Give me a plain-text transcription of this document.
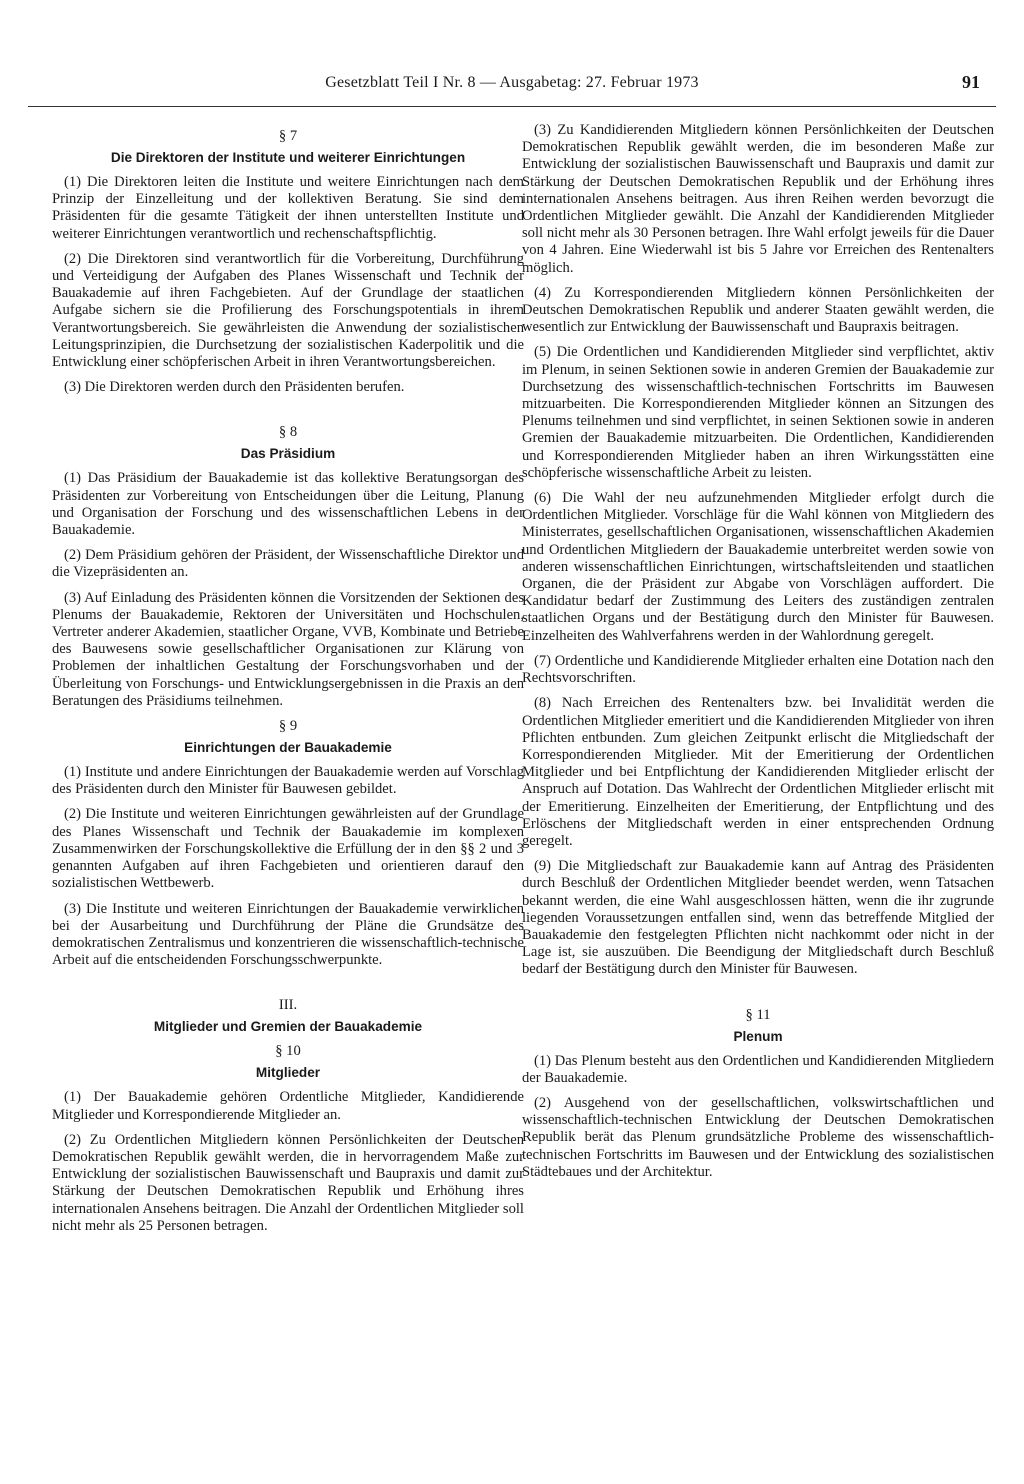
Gesetzblatt Teil I Nr. 8 — Ausgabetag: 27. Februar 1973	91
§ 7
Die Direktoren der Institute und weiterer Einrichtungen

(1) Die Direktoren leiten die Institute und weitere Einrichtungen nach dem Prinzip der Einzelleitung und der kollektiven Beratung. Sie sind dem Präsidenten für die gesamte Tätigkeit der ihnen unterstellten Institute und weiterer Einrichtungen verantwortlich und rechenschaftspflichtig.

(2) Die Direktoren sind verantwortlich für die Vorbereitung, Durchführung und Verteidigung der Aufgaben des Planes Wissenschaft und Technik der Bauakademie auf ihren Fachgebieten. Auf der Grundlage der staatlichen Aufgabe sichern sie die Profilierung des Forschungspotentials in ihrem Verantwortungsbereich. Sie gewährleisten die Anwendung der sozialistischen Leitungsprinzipien, die Durchsetzung der sozialistischen Kaderpolitik und die Entwicklung einer schöpferischen Arbeit in ihren Verantwortungsbereichen.

(3) Die Direktoren werden durch den Präsidenten berufen.

§ 8
Das Präsidium

(1) Das Präsidium der Bauakademie ist das kollektive Beratungsorgan des Präsidenten zur Vorbereitung von Entscheidungen über die Leitung, Planung und Organisation der Forschung und des wissenschaftlichen Lebens in der Bauakademie.

(2) Dem Präsidium gehören der Präsident, der Wissenschaftliche Direktor und die Vizepräsidenten an.

(3) Auf Einladung des Präsidenten können die Vorsitzenden der Sektionen des Plenums der Bauakademie, Rektoren der Universitäten und Hochschulen, Vertreter anderer Akademien, staatlicher Organe, VVB, Kombinate und Betriebe des Bauwesens sowie gesellschaftlicher Organisationen zur Klärung von Problemen der inhaltlichen Gestaltung der Forschungsvorhaben und der Überleitung von Forschungs- und Entwicklungsergebnissen in die Praxis an den Beratungen des Präsidiums teilnehmen.

§ 9
Einrichtungen der Bauakademie

(1) Institute und andere Einrichtungen der Bauakademie werden auf Vorschlag des Präsidenten durch den Minister für Bauwesen gebildet.

(2) Die Institute und weiteren Einrichtungen gewährleisten auf der Grundlage des Planes Wissenschaft und Technik der Bauakademie im komplexen Zusammenwirken der Forschungskollektive die Erfüllung der in den §§ 2 und 3 genannten Aufgaben auf ihren Fachgebieten und orientieren darauf den sozialistischen Wettbewerb.

(3) Die Institute und weiteren Einrichtungen der Bauakademie verwirklichen bei der Ausarbeitung und Durchführung der Pläne die Grundsätze des demokratischen Zentralismus und konzentrieren die wissenschaftlich-technische Arbeit auf die entscheidenden Forschungsschwerpunkte.

III.
Mitglieder und Gremien der Bauakademie
§ 10
Mitglieder

(1) Der Bauakademie gehören Ordentliche Mitglieder, Kandidierende Mitglieder und Korrespondierende Mitglieder an.

(2) Zu Ordentlichen Mitgliedern können Persönlichkeiten der Deutschen Demokratischen Republik gewählt werden, die in hervorragendem Maße zur Entwicklung der sozialistischen Bauwissenschaft und Baupraxis und damit zur Stärkung der Deutschen Demokratischen Republik und Erhöhung ihres internationalen Ansehens beitragen. Die Anzahl der Ordentlichen Mitglieder soll nicht mehr als 25 Personen betragen.

(3) Zu Kandidierenden Mitgliedern können Persönlichkeiten der Deutschen Demokratischen Republik gewählt werden, die im besonderen Maße zur Entwicklung der sozialistischen Bauwissenschaft und Baupraxis und damit zur Stärkung der Deutschen Demokratischen Republik und der Erhöhung ihres internationalen Ansehens beitragen. Aus ihren Reihen werden bevorzugt die Ordentlichen Mitglieder gewählt. Die Anzahl der Kandidierenden Mitglieder soll nicht mehr als 30 Personen betragen. Ihre Wahl erfolgt jeweils für die Dauer von 4 Jahren. Eine Wiederwahl ist bis 5 Jahre vor Erreichen des Rentenalters möglich.

(4) Zu Korrespondierenden Mitgliedern können Persönlichkeiten der Deutschen Demokratischen Republik und anderer Staaten gewählt werden, die wesentlich zur Entwicklung der Bauwissenschaft und Baupraxis beitragen.

(5) Die Ordentlichen und Kandidierenden Mitglieder sind verpflichtet, aktiv im Plenum, in seinen Sektionen sowie in anderen Gremien der Bauakademie zur Durchsetzung des wissenschaftlich-technischen Fortschritts im Bauwesen mitzuarbeiten. Die Korrespondierenden Mitglieder können an Sitzungen des Plenums teilnehmen und sind verpflichtet, in seinen Sektionen sowie in anderen Gremien der Bauakademie mitzuarbeiten. Die Ordentlichen, Kandidierenden und Korrespondierenden Mitglieder haben an ihren Wirkungsstätten eine schöpferische wissenschaftliche Arbeit zu leisten.

(6) Die Wahl der neu aufzunehmenden Mitglieder erfolgt durch die Ordentlichen Mitglieder. Vorschläge für die Wahl können von Mitgliedern des Ministerrates, gesellschaftlichen Organisationen, wissenschaftlichen Akademien und Ordentlichen Mitgliedern der Bauakademie unterbreitet werden sowie von anderen wissenschaftlichen Einrichtungen, wirtschaftsleitenden und staatlichen Organen, die der Präsident zur Abgabe von Vorschlägen auffordert. Die Kandidatur bedarf der Zustimmung des Leiters des zuständigen zentralen staatlichen Organs und der Bestätigung durch den Minister für Bauwesen. Einzelheiten des Wahlverfahrens werden in der Wahlordnung geregelt.

(7) Ordentliche und Kandidierende Mitglieder erhalten eine Dotation nach den Rechtsvorschriften.

(8) Nach Erreichen des Rentenalters bzw. bei Invalidität werden die Ordentlichen Mitglieder emeritiert und die Kandidierenden Mitglieder von ihren Pflichten entbunden. Zum gleichen Zeitpunkt erlischt die Mitgliedschaft der Korrespondierenden Mitglieder. Mit der Emeritierung der Ordentlichen Mitglieder und bei Entpflichtung der Kandidierenden Mitglieder erlischt der Anspruch auf Dotation. Das Wahlrecht der Ordentlichen Mitglieder erlischt mit der Emeritierung. Einzelheiten der Emeritierung, der Entpflichtung und des Erlöschens der Mitgliedschaft werden in einer entsprechenden Ordnung geregelt.

(9) Die Mitgliedschaft zur Bauakademie kann auf Antrag des Präsidenten durch Beschluß der Ordentlichen Mitglieder beendet werden, wenn Tatsachen bekannt werden, die eine Wahl ausgeschlossen hätten, wenn die ihr zugrunde liegenden Voraussetzungen entfallen sind, wenn das betreffende Mitglied der Bauakademie den festgelegten Pflichten nicht nachkommt oder nicht in der Lage ist, sie auszuüben. Die Beendigung der Mitgliedschaft durch Beschluß bedarf der Bestätigung durch den Minister für Bauwesen.

§ 11
Plenum

(1) Das Plenum besteht aus den Ordentlichen und Kandidierenden Mitgliedern der Bauakademie.

(2) Ausgehend von der gesellschaftlichen, volkswirtschaftlichen und wissenschaftlich-technischen Entwicklung der Deutschen Demokratischen Republik berät das Plenum grundsätzliche Probleme des wissenschaftlich-technischen Fortschritts im Bauwesen und der Entwicklung des sozialistischen Städtebaues und der Architektur.
